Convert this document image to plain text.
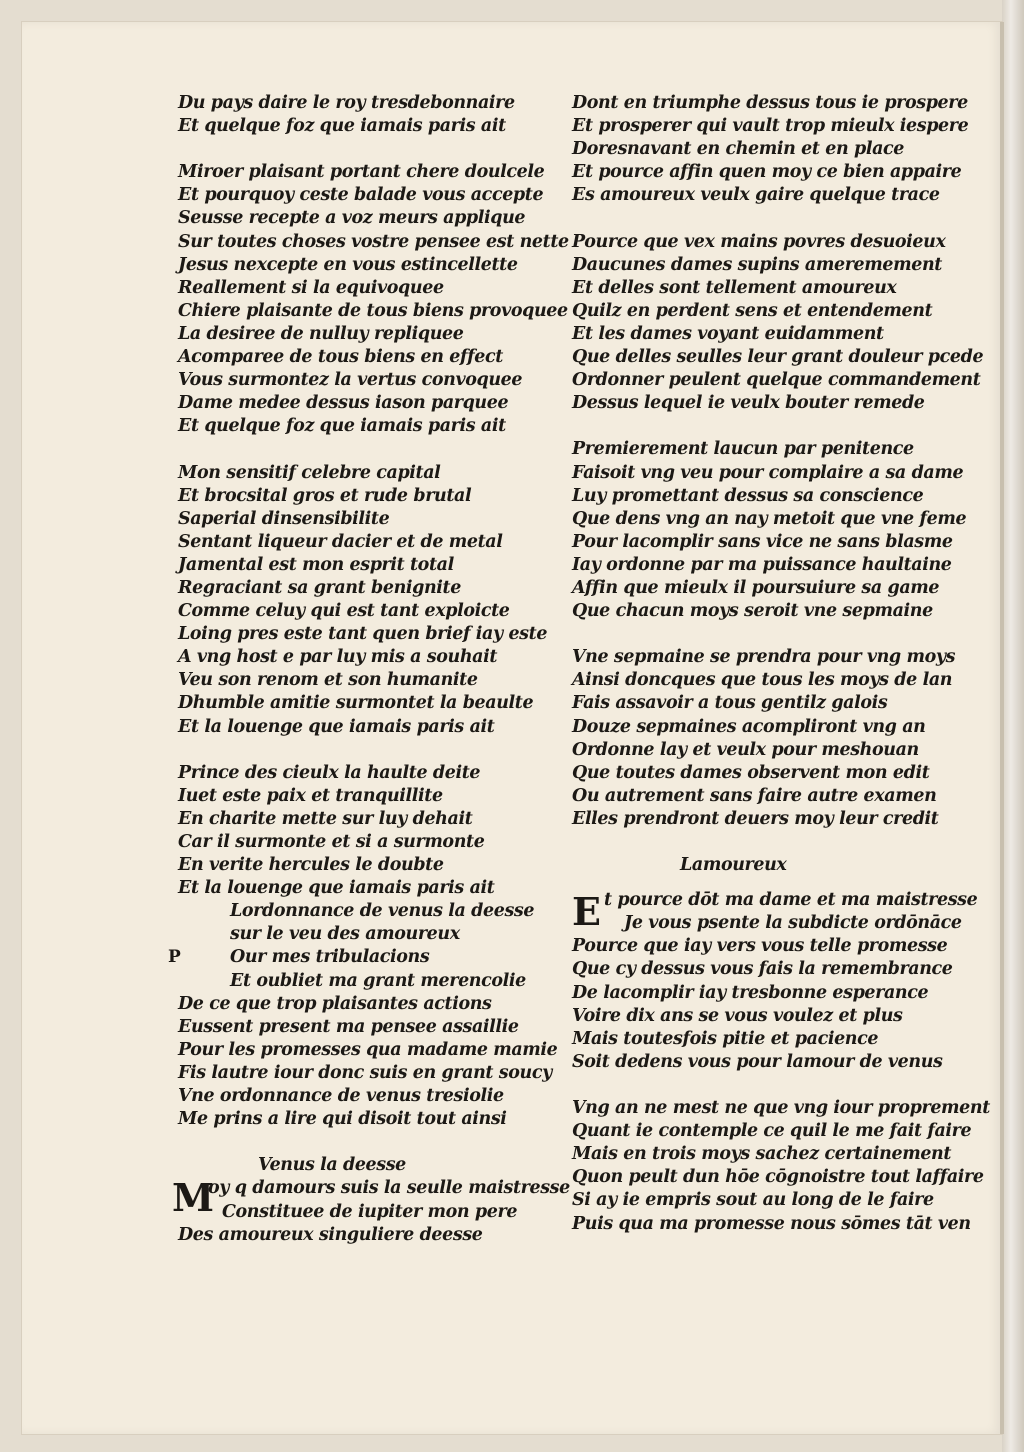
Du pays daire le roy tresdebonnaire
Et quelque foz que iamais paris ait
Miroer plaisant portant chere doulcele
Et pourquoy ceste balade vous accepte
Seusse recepte a voz meurs applique
Sur toutes choses vostre pensee est nette
Jesus nexcepte en vous estincellette
Reallement si la equivoquee
Chiere plaisante de tous biens provoquee
La desiree de nulluy repliquee
Acomparee de tous biens en effect
Vous surmontez la vertus convoquee
Dame medee dessus iason parquee
Et quelque foz que iamais paris ait
Mon sensitif celebre capital
Et brocsital gros et rude brutal
Saperial dinsensibilite
Sentant liqueur dacier et de metal
Jamental est mon esprit total
Regraciant sa grant benignite
Comme celuy qui est tant exploicte
Loing pres este tant quen brief iay este
A vng host e par luy mis a souhait
Veu son renom et son humanite
Dhumble amitie surmontet la beaulte
Et la louenge que iamais paris ait
Prince des cieulx la haulte deite
Iuet este paix et tranquillite
En charite mette sur luy dehait
Car il surmonte et si a surmonte
En verite hercules le doubte
Et la louenge que iamais paris ait
Lordonnance de venus la deesse
sur le veu des amoureux
P	Our mes tribulacions
Et oubliet ma grant merencolie
De ce que trop plaisantes actions
Eussent present ma pensee assaillie
Pour les promesses qua madame mamie
Fis lautre iour donc suis en grant soucy
Vne ordonnance de venus tresiolie
Me prins a lire qui disoit tout ainsi
Venus la deesse
M
oy q damours suis la seulle maistresse
Constituee de iupiter mon pere
Des amoureux singuliere deesse
Dont en triumphe dessus tous ie prospere
Et prosperer qui vault trop mieulx iespere
Doresnavant en chemin et en place
Et pource affin quen moy ce bien appaire
Es amoureux veulx gaire quelque trace
Pource que vex mains povres desuoieux
Daucunes dames supins ameremement
Et delles sont tellement amoureux
Quilz en perdent sens et entendement
Et les dames voyant euidamment
Que delles seulles leur grant douleur pcede
Ordonner peulent quelque commandement
Dessus lequel ie veulx bouter remede
Premierement laucun par penitence
Faisoit vng veu pour complaire a sa dame
Luy promettant dessus sa conscience
Que dens vng an nay metoit que vne feme
Pour lacomplir sans vice ne sans blasme
Iay ordonne par ma puissance haultaine
Affin que mieulx il poursuiure sa game
Que chacun moys seroit vne sepmaine
Vne sepmaine se prendra pour vng moys
Ainsi doncques que tous les moys de lan
Fais assavoir a tous gentilz galois
Douze sepmaines acompliront vng an
Ordonne lay et veulx pour meshouan
Que toutes dames observent mon edit
Ou autrement sans faire autre examen
Elles prendront deuers moy leur credit
Lamoureux
E t pource dōt ma dame et ma maistresse
Je vous psente la subdicte ordōnāce
Pource que iay vers vous telle promesse
Que cy dessus vous fais la remembrance
De lacomplir iay tresbonne esperance
Voire dix ans se vous voulez et plus
Mais toutesfois pitie et pacience
Soit dedens vous pour lamour de venus
Vng an ne mest ne que vng iour proprement
Quant ie contemple ce quil le me fait faire
Mais en trois moys sachez certainement
Quon peult dun hōe cōgnoistre tout laffaire
Si ay ie empris sout au long de le faire
Puis qua ma promesse nous sōmes tāt ven
